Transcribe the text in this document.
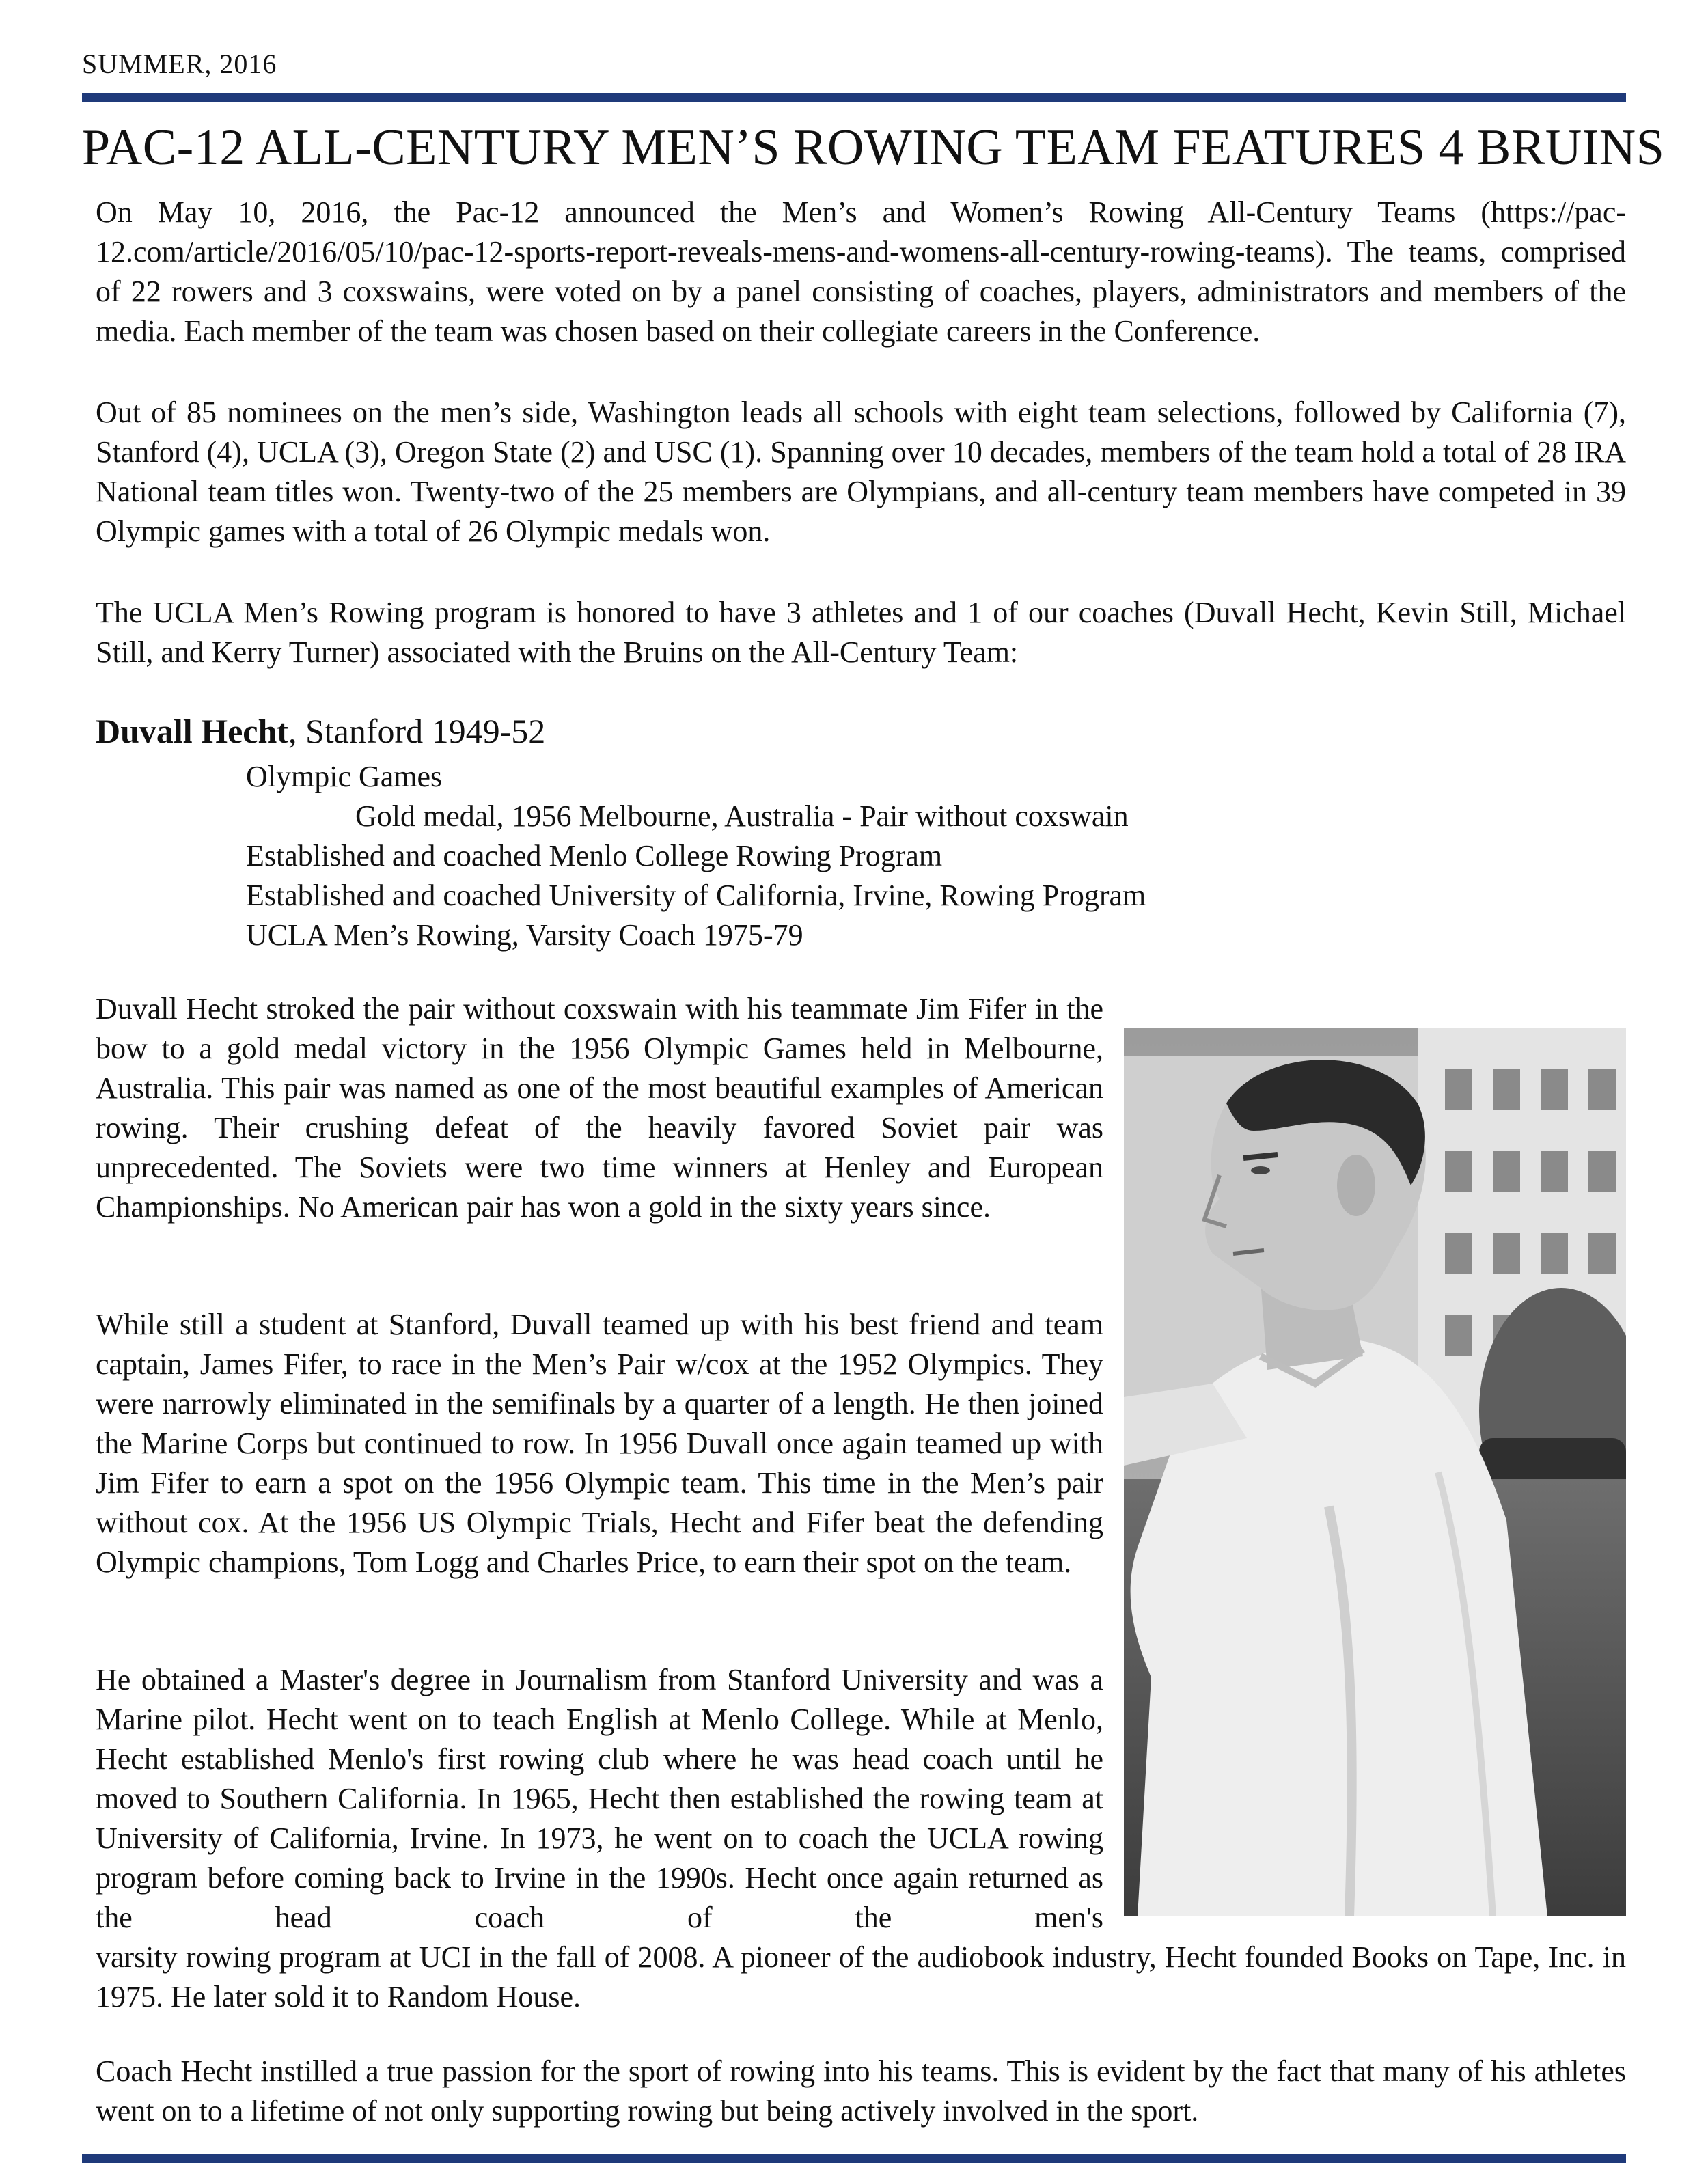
SUMMER, 2016
PAC-12 ALL-CENTURY MEN’S ROWING TEAM FEATURES 4 BRUINS

On May 10, 2016, the Pac-12 announced the Men’s and Women’s Rowing All-Century Teams (https://pac-12.com/article/2016/05/10/pac-12-sports-report-reveals-mens-and-womens-all-century-rowing-teams). The teams, comprised of 22 rowers and 3 coxswains, were voted on by a panel consisting of coaches, players, administrators and members of the media. Each member of the team was chosen based on their collegiate careers in the Conference.

Out of 85 nominees on the men’s side, Washington leads all schools with eight team selections, followed by California (7), Stanford (4), UCLA (3), Oregon State (2) and USC (1). Spanning over 10 decades, members of the team hold a total of 28 IRA National team titles won. Twenty-two of the 25 members are Olympians, and all-century team members have competed in 39 Olympic games with a total of 26 Olympic medals won.

The UCLA Men’s Rowing program is honored to have 3 athletes and 1 of our coaches (Duvall Hecht, Kevin Still, Michael Still, and Kerry Turner) associated with the Bruins on the All-Century Team:

Duvall Hecht, Stanford 1949-52
Olympic Games
Gold medal, 1956 Melbourne, Australia - Pair without coxswain
Established and coached Menlo College Rowing Program
Established and coached University of California, Irvine, Rowing Program
UCLA Men’s Rowing, Varsity Coach 1975-79

Duvall Hecht stroked the pair without coxswain with his teammate Jim Fifer in the bow to a gold medal victory in the 1956 Olympic Games held in Melbourne, Australia. This pair was named as one of the most beautiful examples of American rowing. Their crushing defeat of the heavily favored Soviet pair was unprecedented. The Soviets were two time winners at Henley and European Championships. No American pair has won a gold in the sixty years since.

While still a student at Stanford, Duvall teamed up with his best friend and team captain, James Fifer, to race in the Men’s Pair w/cox at the 1952 Olympics. They were narrowly eliminated in the semifinals by a quarter of a length. He then joined the Marine Corps but continued to row. In 1956 Duvall once again teamed up with Jim Fifer to earn a spot on the 1956 Olympic team. This time in the Men’s pair without cox. At the 1956 US Olympic Trials, Hecht and Fifer beat the defending Olympic champions, Tom Logg and Charles Price, to earn their spot on the team.

He obtained a Master's degree in Journalism from Stanford University and was a Marine pilot. Hecht went on to teach English at Menlo College. While at Menlo, Hecht established Menlo's first rowing club where he was head coach until he moved to Southern California. In 1965, Hecht then established the rowing team at University of California, Irvine. In 1973, he went on to coach the UCLA rowing program before coming back to Irvine in the 1990s. Hecht once again returned as the head coach of the men's
varsity rowing program at UCI in the fall of 2008. A pioneer of the audiobook industry, Hecht founded Books on Tape, Inc. in 1975. He later sold it to Random House.

Coach Hecht instilled a true passion for the sport of rowing into his teams. This is evident by the fact that many of his athletes went on to a lifetime of not only supporting rowing but being actively involved in the sport.
